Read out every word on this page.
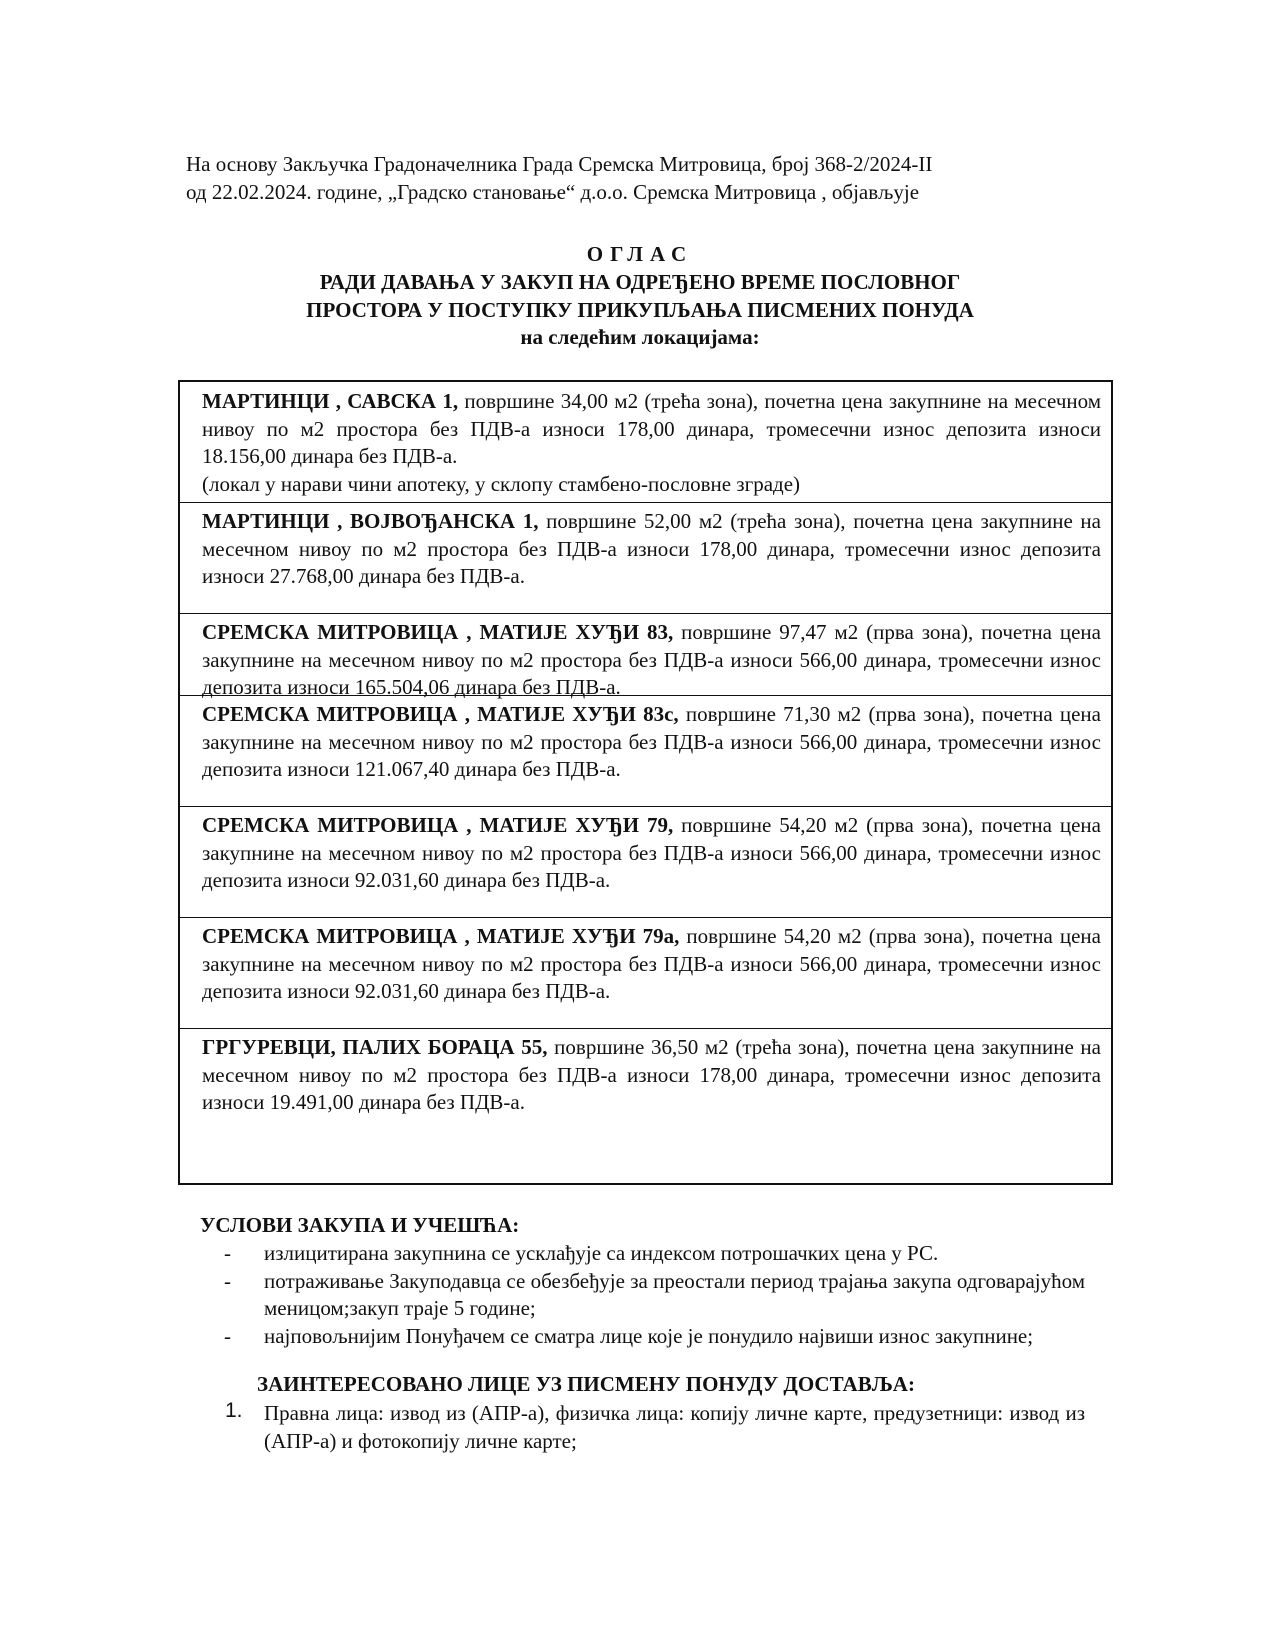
На основу Закључка Градоначелника Града Сремска Митровица, број 368-2/2024-II
од 22.02.2024. године, „Градско становање“ д.о.о. Сремска Митровица , објављује
ОГЛАС
РАДИ ДАВАЊА У ЗАКУП НА ОДРЕЂЕНО ВРЕМЕ ПОСЛОВНОГ
ПРОСТОРА У ПОСТУПКУ ПРИКУПЉАЊА ПИСМЕНИХ ПОНУДА
на следећим локацијама:
МАРТИНЦИ , САВСКА 1, површине 34,00 м2 (трећа зона), почетна цена закупнине на месечном нивоу по м2 простора без ПДВ-а износи 178,00 динара, тромесечни износ депозита износи 18.156,00 динара без ПДВ-а.
(локал у нарави чини апотеку, у склопу стамбено-пословне зграде)
МАРТИНЦИ , ВОЈВОЂАНСКА 1, површине 52,00 м2 (трећа зона), почетна цена закупнине на месечном нивоу по м2 простора без ПДВ-а износи 178,00 динара, тромесечни износ депозита износи 27.768,00 динара без ПДВ-а.
СРЕМСКА МИТРОВИЦА , МАТИЈЕ ХУЂИ 83, површине 97,47 м2 (прва зона), почетна цена закупнине на месечном нивоу по м2 простора без ПДВ-а износи 566,00 динара, тромесечни износ депозита износи 165.504,06 динара без ПДВ-а.
СРЕМСКА МИТРОВИЦА , МАТИЈЕ ХУЂИ 83с, површине 71,30 м2 (прва зона), почетна цена закупнине на месечном нивоу по м2 простора без ПДВ-а износи 566,00 динара, тромесечни износ депозита износи 121.067,40 динара без ПДВ-а.
СРЕМСКА МИТРОВИЦА , МАТИЈЕ ХУЂИ 79, површине 54,20 м2 (прва зона), почетна цена закупнине на месечном нивоу по м2 простора без ПДВ-а износи 566,00 динара, тромесечни износ депозита износи 92.031,60 динара без ПДВ-а.
СРЕМСКА МИТРОВИЦА , МАТИЈЕ ХУЂИ 79а, површине 54,20 м2 (прва зона), почетна цена закупнине на месечном нивоу по м2 простора без ПДВ-а износи 566,00 динара, тромесечни износ депозита износи 92.031,60 динара без ПДВ-а.
ГРГУРЕВЦИ, ПАЛИХ БОРАЦА 55, површине 36,50 м2 (трећа зона), почетна цена закупнине на месечном нивоу по м2 простора без ПДВ-а износи 178,00 динара, тромесечни износ депозита износи 19.491,00 динара без ПДВ-а.
УСЛОВИ ЗАКУПА И УЧЕШЋА:
- излицитирана закупнина се усклађује са индексом потрошачких цена у РС.
- потраживање Закуподавца се обезбеђује за преостали период трајања закупа одговарајућом меницом;закуп траје 5 године;
- најповољнијим Понуђачем се сматра лице које је понудило највиши износ закупнине;
ЗАИНТЕРЕСОВАНО ЛИЦЕ УЗ ПИСМЕНУ ПОНУДУ ДОСТАВЉА:
1.	Правна лица: извод из (АПР-а), физичка лица: копију личне карте, предузетници: извод из (АПР-а) и фотокопију личне карте;
